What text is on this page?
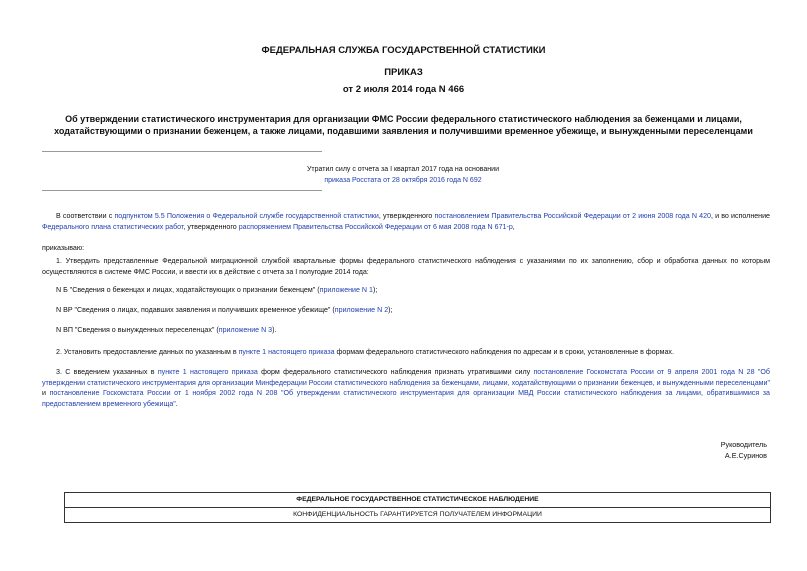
ФЕДЕРАЛЬНАЯ СЛУЖБА ГОСУДАРСТВЕННОЙ СТАТИСТИКИ
ПРИКАЗ
от 2 июля 2014 года N 466
Об утверждении статистического инструментария для организации ФМС России федерального статистического наблюдения за беженцами и лицами,
ходатайствующими о признании беженцем, а также лицами, подавшими заявления и получившими временное убежище, и вынужденными переселенцами
Утратил силу с отчета за I квартал 2017 года на основании
приказа Росстата от 28 октября 2016 года N 692
В соответствии с подпунктом 5.5 Положения о Федеральной службе государственной статистики, утвержденного постановлением Правительства Российской Федерации от 2 июня 2008 года N 420, и во исполнение Федерального плана статистических работ, утвержденного распоряжением Правительства Российской Федерации от 6 мая 2008 года N 671-р,
приказываю:
1. Утвердить представленные Федеральной миграционной службой квартальные формы федерального статистического наблюдения с указаниями по их заполнению, сбор и обработка данных по которым осуществляются в системе ФМС России, и ввести их в действие с отчета за I полугодие 2014 года:
N Б "Сведения о беженцах и лицах, ходатайствующих о признании беженцем" (приложение N 1);
N ВР "Сведения о лицах, подавших заявления и получивших временное убежище" (приложение N 2);
N ВП "Сведения о вынужденных переселенцах" (приложение N 3).
2. Установить предоставление данных по указанным в пункте 1 настоящего приказа формам федерального статистического наблюдения по адресам и в сроки, установленные в формах.
3. С введением указанных в пункте 1 настоящего приказа форм федерального статистического наблюдения признать утратившими силу постановление Госкомстата России от 9 апреля 2001 года N 28 "Об утверждении статистического инструментария для организации Минфедерации России статистического наблюдения за беженцами, лицами, ходатайствующими о признании беженцев, и вынужденными переселенцами" и постановление Госкомстата России от 1 ноября 2002 года N 208 "Об утверждении статистического инструментария для организации МВД России статистического наблюдения за лицами, обратившимися за предоставлением временного убежища".
Руководитель
А.Е.Суринов
ФЕДЕРАЛЬНОЕ ГОСУДАРСТВЕННОЕ СТАТИСТИЧЕСКОЕ НАБЛЮДЕНИЕ
КОНФИДЕНЦИАЛЬНОСТЬ ГАРАНТИРУЕТСЯ ПОЛУЧАТЕЛЕМ ИНФОРМАЦИИ
